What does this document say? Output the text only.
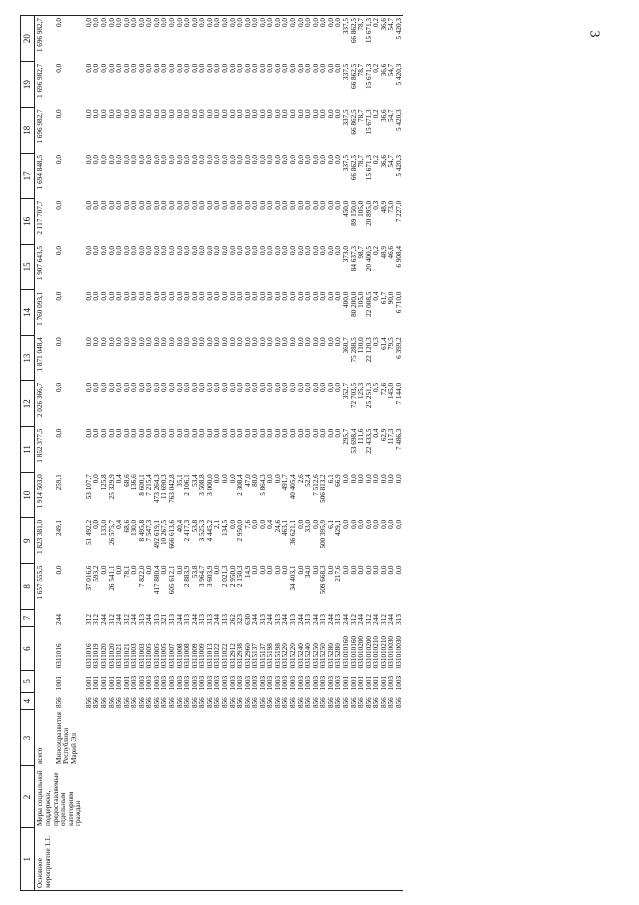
3
1	2	3	4	5	6	7	8	9	10	11	12	13	14	15	16	17	18	19	20
Основное мероприятие 1.1.	Меры социальной поддержки, предоставляемые отдельным категориям граждан	всего					1 657 555,5	1 823 381,0	1 914 503,0	1 852 377,5	2 026 366,7	1 871 048,4	1 760 093,1	1 907 643,5	2 117 707,7	1 694 848,5	1 696 982,7	1 696 982,7	1 696 982,7
		Минсоцразвития Республики Марий Эл	856	1001	0311016	244	0,0	249,1	259,1	0,0	0,0	0,0	0,0	0,0	0,0	0,0	0,0	0,0	0,0
			856	1001	0311016	312	37 016,6	51 492,2	53 107,7	0,0	0,0	0,0	0,0	0,0	0,0	0,0	0,0	0,0	0,0
			856	1001	0311019	312	593,2	0,0	0,0	0,0	0,0	0,0	0,0	0,0	0,0	0,0	0,0	0,0	0,0
			856	1001	0311020	244	0,0	133,0	125,8	0,0	0,0	0,0	0,0	0,0	0,0	0,0	0,0	0,0	0,0
			856	1001	0311020	312	26 541,1	26 575,7	25 329,9	0,0	0,0	0,0	0,0	0,0	0,0	0,0	0,0	0,0	0,0
			856	1001	0311021	244	0,0	0,4	0,4	0,0	0,0	0,0	0,0	0,0	0,0	0,0	0,0	0,0	0,0
			856	1001	0311021	312	78,1	68,6	68,6	0,0	0,0	0,0	0,0	0,0	0,0	0,0	0,0	0,0	0,0
			856	1003	0311003	244	0,0	130,0	136,6	0,0	0,0	0,0	0,0	0,0	0,0	0,0	0,0	0,0	0,0
			856	1003	0311003	313	7 822,0	8 495,8	8 600,1	0,0	0,0	0,0	0,0	0,0	0,0	0,0	0,0	0,0	0,0
			856	1003	0311005	244	0,0	7 547,3	7 215,4	0,0	0,0	0,0	0,0	0,0	0,0	0,0	0,0	0,0	0,0
			856	1003	0311005	313	417 880,4	492 619,1	473 264,3	0,0	0,0	0,0	0,0	0,0	0,0	0,0	0,0	0,0	0,0
			856	1003	0311005	321	0,0	10 267,5	11 690,3	0,0	0,0	0,0	0,0	0,0	0,0	0,0	0,0	0,0	0,0
			856	1003	0311007	313	605 612,1	666 613,6	763 042,8	0,0	0,0	0,0	0,0	0,0	0,0	0,0	0,0	0,0	0,0
			856	1003	0311008	244	0,0	40,4	35,1	0,0	0,0	0,0	0,0	0,0	0,0	0,0	0,0	0,0	0,0
			856	1003	0311008	313	2 883,9	2 417,3	2 106,1	0,0	0,0	0,0	0,0	0,0	0,0	0,0	0,0	0,0	0,0
			856	1003	0311009	244	53,8	53,8	53,4	0,0	0,0	0,0	0,0	0,0	0,0	0,0	0,0	0,0	0,0
			856	1003	0311009	313	3 964,7	3 525,3	3 508,8	0,0	0,0	0,0	0,0	0,0	0,0	0,0	0,0	0,0	0,0
			856	1003	0311013	313	3 603,9	4 445,2	3 000,0	0,0	0,0	0,0	0,0	0,0	0,0	0,0	0,0	0,0	0,0
			856	1003	0311022	244	0,0	2,1	0,0	0,0	0,0	0,0	0,0	0,0	0,0	0,0	0,0	0,0	0,0
			856	1003	0311022	313	2 021,3	134,5	0,0	0,0	0,0	0,0	0,0	0,0	0,0	0,0	0,0	0,0	0,0
			856	1003	0312912	262	2 950,0	0,0	0,0	0,0	0,0	0,0	0,0	0,0	0,0	0,0	0,0	0,0	0,0
			856	1003	0312938	323	2 150,3	2 950,0	2 308,4	0,0	0,0	0,0	0,0	0,0	0,0	0,0	0,0	0,0	0,0
			856	1003	0312960	630	14,9	7,6	47,0	0,0	0,0	0,0	0,0	0,0	0,0	0,0	0,0	0,0	0,0
			856	1003	0315137	244	0,0	0,0	88,0	0,0	0,0	0,0	0,0	0,0	0,0	0,0	0,0	0,0	0,0
			856	1003	0315137	313	0,0	0,0	5 864,3	0,0	0,0	0,0	0,0	0,0	0,0	0,0	0,0	0,0	0,0
			856	1003	0315198	244	0,0	0,4	0,0	0,0	0,0	0,0	0,0	0,0	0,0	0,0	0,0	0,0	0,0
			856	1003	0315198	313	0,0	24,6	0,0	0,0	0,0	0,0	0,0	0,0	0,0	0,0	0,0	0,0	0,0
			856	1003	0315220	244	0,0	463,1	491,7	0,0	0,0	0,0	0,0	0,0	0,0	0,0	0,0	0,0	0,0
			856	1003	0315220	313	34 403,1	36 621,1	40 405,4	0,0	0,0	0,0	0,0	0,0	0,0	0,0	0,0	0,0	0,0
			856	1003	0315240	244	0,0	0,0	2,6	0,0	0,0	0,0	0,0	0,0	0,0	0,0	0,0	0,0	0,0
			856	1003	0315240	313	34,0	33,0	52,4	0,0	0,0	0,0	0,0	0,0	0,0	0,0	0,0	0,0	0,0
			856	1003	0315250	244	0,0	0,0	7 512,6	0,0	0,0	0,0	0,0	0,0	0,0	0,0	0,0	0,0	0,0
			856	1003	0315250	313	509 668,3	500 395,9	506 813,2	0,0	0,0	0,0	0,0	0,0	0,0	0,0	0,0	0,0	0,0
			856	1003	0315280	244	0,0	6,1	6,1	0,0	0,0	0,0	0,0	0,0	0,0	0,0	0,0	0,0	0,0
			856	1003	0315280	313	217,6	429,1	66,9	0,0	0,0	0,0	0,0	0,0	0,0	0,0	0,0	0,0	0,0
			856	1001	031010160	244	0,0	0,0	0,0	295,7	352,7	360,7	400,0	373,0	450,0	337,5	337,5	337,5	337,5
			856	1001	031010160	312	0,0	0,0	0,0	53 698,4	72 703,5	75 288,5	80 200,0	84 637,3	89 150,0	66 862,5	66 862,5	66 862,5	66 862,5
			856	1001	031010200	244	0,0	0,0	0,0	111,6	125,3	110,0	105,0	98,7	105,0	78,7	78,7	78,7	78,7
			856	1001	031010200	312	0,0	0,0	0,0	22 433,5	25 251,3	22 120,3	22 008,5	20 400,5	20 895,0	15 671,3	15 671,3	15 671,3	15 671,3
			856	1001	031010210	244	0,0	0,0	0,0	0,4	0,5	0,3	0,4	0,2	0,3	0,2	0,2	0,2	0,2
			856	1001	031010210	312	0,0	0,0	0,0	62,9	72,6	61,4	61,7	48,9	48,9	36,6	36,6	36,6	36,6
			856	1003	031010030	244	0,0	0,0	0,0	117,3	145,0	79,5	90,0	46,6	73,0	54,7	54,7	54,7	54,7
			856	1003	031010030	313	0,0	0,0	0,0	7 486,3	7 144,0	6 399,2	6 710,0	6 908,4	7 227,0	5 420,3	5 420,3	5 420,3	5 420,3
